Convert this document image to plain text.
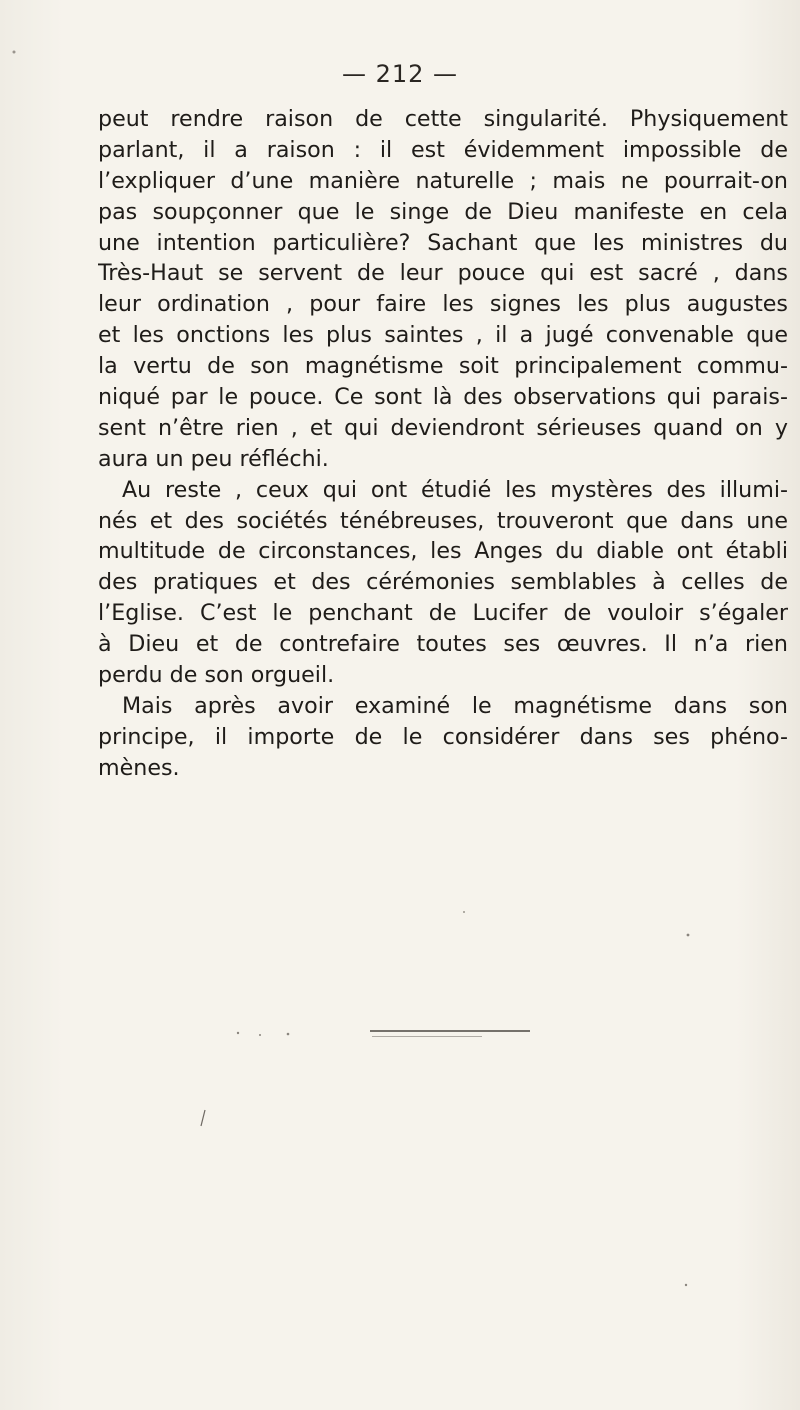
— 212 —
peut rendre raison de cette singularité. Physiquement
parlant, il a raison : il est évidemment impossible de
l’expliquer d’une manière naturelle ; mais ne pourrait-on
pas soupçonner que le singe de Dieu manifeste en cela
une intention particulière? Sachant que les ministres du
Très-Haut se servent de leur pouce qui est sacré , dans
leur ordination , pour faire les signes les plus augustes
et les onctions les plus saintes , il a jugé convenable que
la vertu de son magnétisme soit principalement commu-
niqué par le pouce. Ce sont là des observations qui parais-
sent n’être rien , et qui deviendront sérieuses quand on y
aura un peu réfléchi.
Au reste , ceux qui ont étudié les mystères des illumi-
nés et des sociétés ténébreuses, trouveront que dans une
multitude de circonstances, les Anges du diable ont établi
des pratiques et des cérémonies semblables à celles de
l’Eglise. C’est le penchant de Lucifer de vouloir s’égaler
à Dieu et de contrefaire toutes ses œuvres. Il n’a rien
perdu de son orgueil.
Mais après avoir examiné le magnétisme dans son
principe, il importe de le considérer dans ses phéno-
mènes.
